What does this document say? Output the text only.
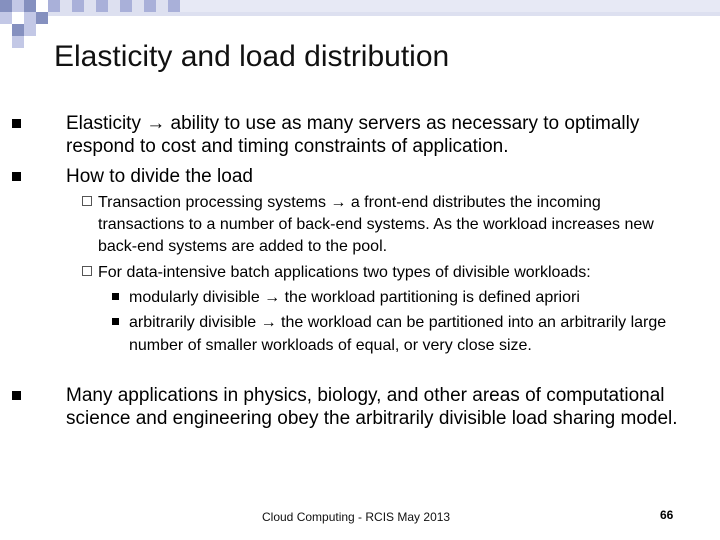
Elasticity and load distribution
Elasticity → ability to use as many servers as necessary to optimally respond to cost and timing constraints of application.
How to divide the load
Transaction processing systems → a front-end distributes the incoming transactions to a number of back-end systems. As the workload increases new back-end systems are added to the pool.
For data-intensive batch applications two types of divisible workloads:
modularly divisible → the workload partitioning is defined apriori
arbitrarily divisible → the workload can be partitioned into an arbitrarily large number of smaller workloads of equal, or very close size.
Many applications in physics, biology, and other areas of computational science and engineering obey the arbitrarily divisible load sharing model.
Cloud Computing - RCIS May 2013	66
